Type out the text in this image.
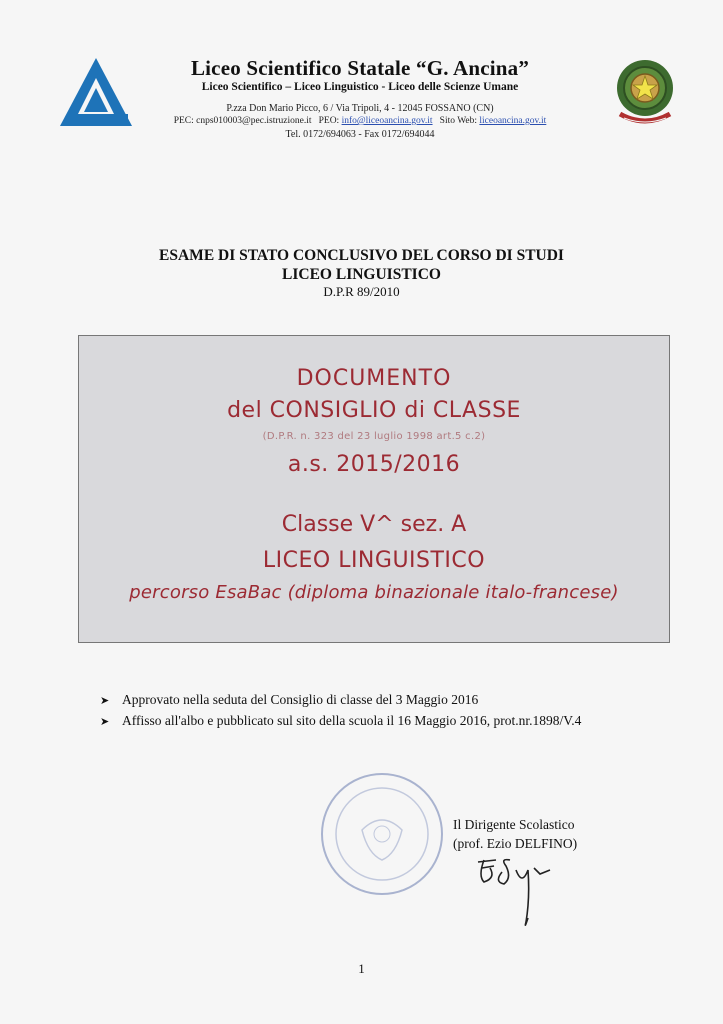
Liceo Scientifico Statale “G. Ancina”
Liceo Scientifico – Liceo Linguistico - Liceo delle Scienze Umane
P.zza Don Mario Picco, 6 / Via Tripoli, 4 - 12045 FOSSANO (CN)
PEC: cnps010003@pec.istruzione.it PEO: info@liceoancina.gov.it Sito Web: liceoancina.gov.it
Tel. 0172/694063 - Fax 0172/694044
ESAME DI STATO CONCLUSIVO DEL CORSO DI STUDI
LICEO LINGUISTICO
D.P.R 89/2010
DOCUMENTO
del CONSIGLIO di CLASSE
(D.P.R. n. 323 del 23 luglio 1998 art.5 c.2)
a.s. 2015/2016
Classe V^ sez. A
LICEO LINGUISTICO
percorso EsaBac (diploma binazionale italo-francese)
➤ Approvato nella seduta del Consiglio di classe del 3 Maggio 2016
➤ Affisso all'albo e pubblicato sul sito della scuola il 16 Maggio 2016, prot.nr.1898/V.4
Il Dirigente Scolastico
(prof. Ezio DELFINO)
1
